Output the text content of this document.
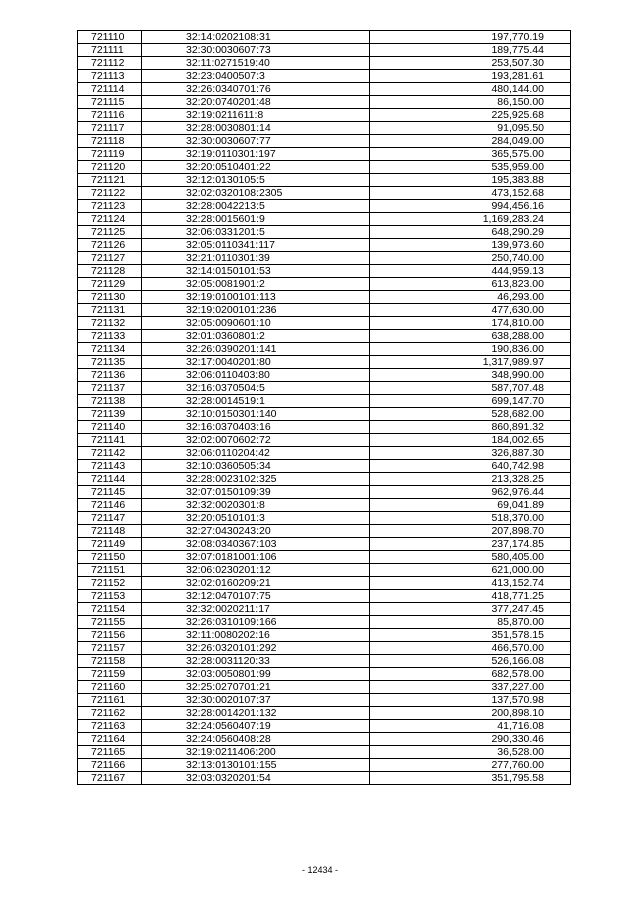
721110	32:14:0202108:31	197,770.19
721111	32:30:0030607:73	189,775.44
721112	32:11:0271519:40	253,507.30
721113	32:23:0400507:3	193,281.61
721114	32:26:0340701:76	480,144.00
721115	32:20:0740201:48	86,150.00
721116	32:19:0211611:8	225,925.68
721117	32:28:0030801:14	91,095.50
721118	32:30:0030607:77	284,049.00
721119	32:19:0110301:197	365,575.00
721120	32:20:0510401:22	535,959.00
721121	32:12:0130105:5	195,383.88
721122	32:02:0320108:2305	473,152.68
721123	32:28:0042213:5	994,456.16
721124	32:28:0015601:9	1,169,283.24
721125	32:06:0331201:5	648,290.29
721126	32:05:0110341:117	139,973.60
721127	32:21:0110301:39	250,740.00
721128	32:14:0150101:53	444,959.13
721129	32:05:0081901:2	613,823.00
721130	32:19:0100101:113	46,293.00
721131	32:19:0200101:236	477,630.00
721132	32:05:0090601:10	174,810.00
721133	32:01:0360801:2	638,288.00
721134	32:26:0390201:141	190,836.00
721135	32:17:0040201:80	1,317,989.97
721136	32:06:0110403:80	348,990.00
721137	32:16:0370504:5	587,707.48
721138	32:28:0014519:1	699,147.70
721139	32:10:0150301:140	528,682.00
721140	32:16:0370403:16	860,891.32
721141	32:02:0070602:72	184,002.65
721142	32:06:0110204:42	326,887.30
721143	32:10:0360505:34	640,742.98
721144	32:28:0023102:325	213,328.25
721145	32:07:0150109:39	962,976.44
721146	32:32:0020301:8	69,041.89
721147	32:20:0510101:3	518,370.00
721148	32:27:0430243:20	207,898.70
721149	32:08:0340367:103	237,174.85
721150	32:07:0181001:106	580,405.00
721151	32:06:0230201:12	621,000.00
721152	32:02:0160209:21	413,152.74
721153	32:12:0470107:75	418,771.25
721154	32:32:0020211:17	377,247.45
721155	32:26:0310109:166	85,870.00
721156	32:11:0080202:16	351,578.15
721157	32:26:0320101:292	466,570.00
721158	32:28:0031120:33	526,166.08
721159	32:03:0050801:99	682,578.00
721160	32:25:0270701:21	337,227.00
721161	32:30:0020107:37	137,570.98
721162	32:28:0014201:132	200,898.10
721163	32:24:0560407:19	41,716.08
721164	32:24:0560408:28	290,330.46
721165	32:19:0211406:200	36,528.00
721166	32:13:0130101:155	277,760.00
721167	32:03:0320201:54	351,795.58
- 12434 -
